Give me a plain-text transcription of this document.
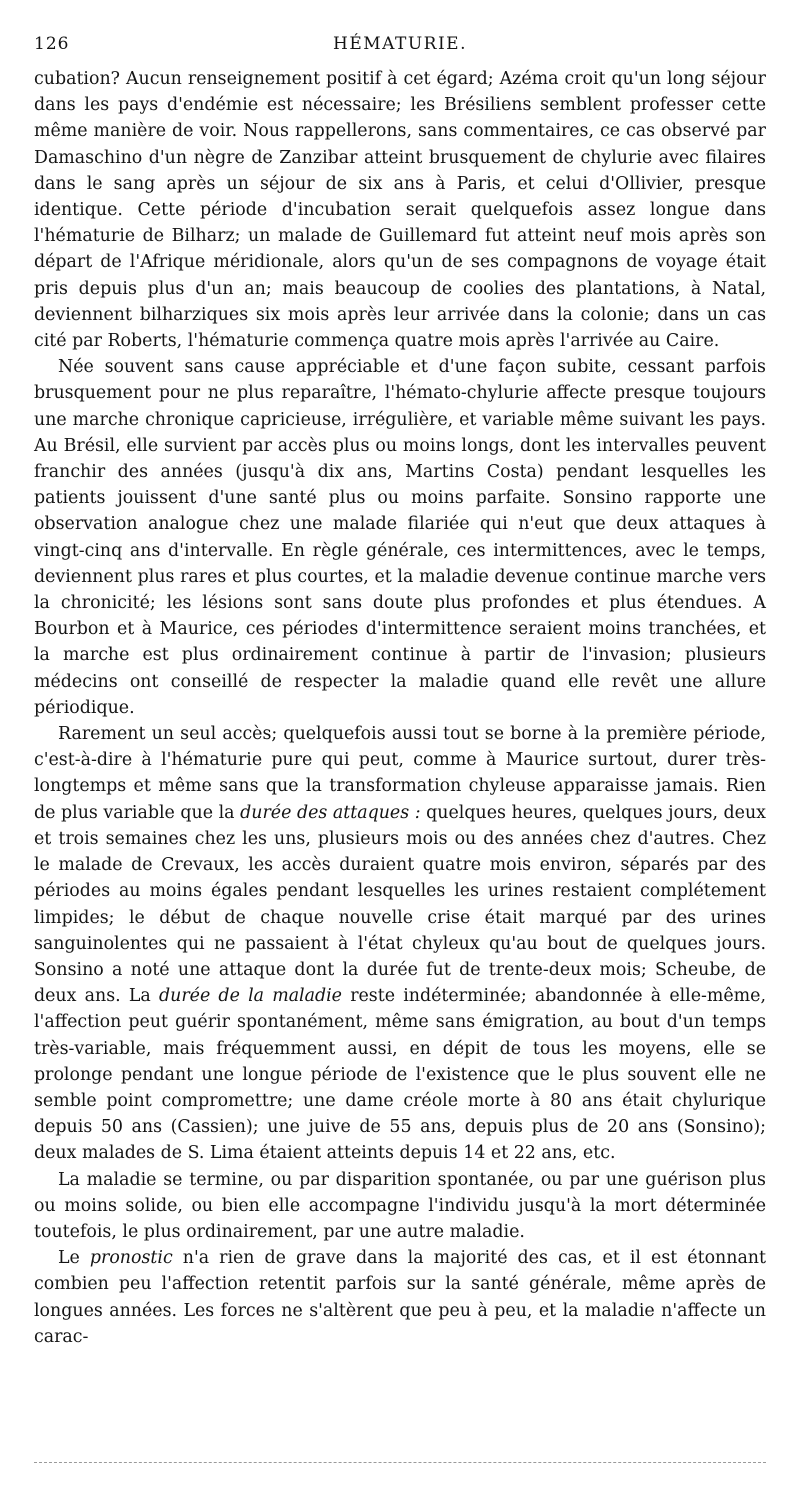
126	HÉMATURIE.

cubation? Aucun renseignement positif à cet égard; Azéma croit qu'un long séjour dans les pays d'endémie est nécessaire; les Brésiliens semblent professer cette même manière de voir. Nous rappellerons, sans commentaires, ce cas observé par Damaschino d'un nègre de Zanzibar atteint brusquement de chylurie avec filaires dans le sang après un séjour de six ans à Paris, et celui d'Ollivier, presque identique. Cette période d'incubation serait quelquefois assez longue dans l'hématurie de Bilharz; un malade de Guillemard fut atteint neuf mois après son départ de l'Afrique méridionale, alors qu'un de ses compagnons de voyage était pris depuis plus d'un an; mais beaucoup de coolies des plantations, à Natal, deviennent bilharziques six mois après leur arrivée dans la colonie; dans un cas cité par Roberts, l'hématurie commença quatre mois après l'arrivée au Caire.

Née souvent sans cause appréciable et d'une façon subite, cessant parfois brusquement pour ne plus reparaître, l'hémato-chylurie affecte presque toujours une marche chronique capricieuse, irrégulière, et variable même suivant les pays. Au Brésil, elle survient par accès plus ou moins longs, dont les intervalles peuvent franchir des années (jusqu'à dix ans, Martins Costa) pendant lesquelles les patients jouissent d'une santé plus ou moins parfaite. Sonsino rapporte une observation analogue chez une malade filariée qui n'eut que deux attaques à vingt-cinq ans d'intervalle. En règle générale, ces intermittences, avec le temps, deviennent plus rares et plus courtes, et la maladie devenue continue marche vers la chronicité; les lésions sont sans doute plus profondes et plus étendues. A Bourbon et à Maurice, ces périodes d'intermittence seraient moins tranchées, et la marche est plus ordinairement continue à partir de l'invasion; plusieurs médecins ont conseillé de respecter la maladie quand elle revêt une allure périodique.

Rarement un seul accès; quelquefois aussi tout se borne à la première période, c'est-à-dire à l'hématurie pure qui peut, comme à Maurice surtout, durer très-longtemps et même sans que la transformation chyleuse apparaisse jamais. Rien de plus variable que la durée des attaques : quelques heures, quelques jours, deux et trois semaines chez les uns, plusieurs mois ou des années chez d'autres. Chez le malade de Crevaux, les accès duraient quatre mois environ, séparés par des périodes au moins égales pendant lesquelles les urines restaient complétement limpides; le début de chaque nouvelle crise était marqué par des urines sanguinolentes qui ne passaient à l'état chyleux qu'au bout de quelques jours. Sonsino a noté une attaque dont la durée fut de trente-deux mois; Scheube, de deux ans. La durée de la maladie reste indéterminée; abandonnée à elle-même, l'affection peut guérir spontanément, même sans émigration, au bout d'un temps très-variable, mais fréquemment aussi, en dépit de tous les moyens, elle se prolonge pendant une longue période de l'existence que le plus souvent elle ne semble point compromettre; une dame créole morte à 80 ans était chylurique depuis 50 ans (Cassien); une juive de 55 ans, depuis plus de 20 ans (Sonsino); deux malades de S. Lima étaient atteints depuis 14 et 22 ans, etc.

La maladie se termine, ou par disparition spontanée, ou par une guérison plus ou moins solide, ou bien elle accompagne l'individu jusqu'à la mort déterminée toutefois, le plus ordinairement, par une autre maladie.

Le pronostic n'a rien de grave dans la majorité des cas, et il est étonnant combien peu l'affection retentit parfois sur la santé générale, même après de longues années. Les forces ne s'altèrent que peu à peu, et la maladie n'affecte un carac-
